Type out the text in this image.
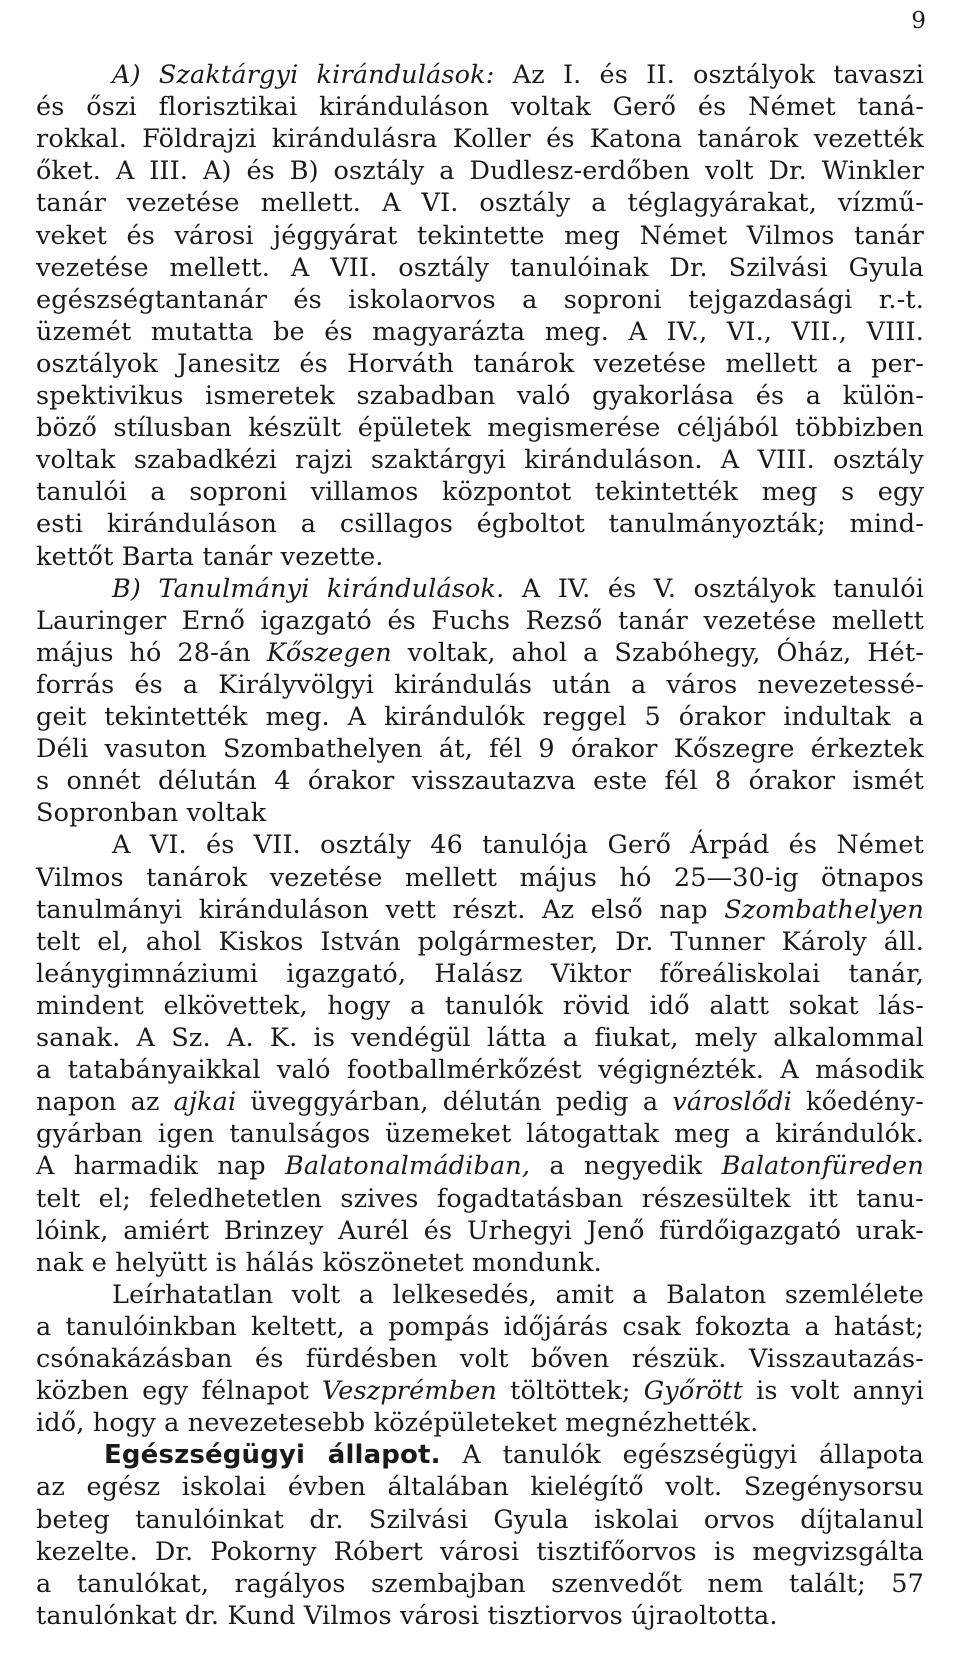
9
A) Szaktárgyi kirándulások: Az I. és II. osztályok tavaszi
és őszi florisztikai kiránduláson voltak Gerő és Német taná-
rokkal. Földrajzi kirándulásra Koller és Katona tanárok vezették
őket. A III. A) és B) osztály a Dudlesz-erdőben volt Dr. Winkler
tanár vezetése mellett. A VI. osztály a téglagyárakat, vízmű-
veket és városi jéggyárat tekintette meg Német Vilmos tanár
vezetése mellett. A VII. osztály tanulóinak Dr. Szilvási Gyula
egészségtantanár és iskolaorvos a soproni tejgazdasági r.-t.
üzemét mutatta be és magyarázta meg. A IV., VI., VII., VIII.
osztályok Janesitz és Horváth tanárok vezetése mellett a per-
spektivikus ismeretek szabadban való gyakorlása és a külön-
böző stílusban készült épületek megismerése céljából többizben
voltak szabadkézi rajzi szaktárgyi kiránduláson. A VIII. osztály
tanulói a soproni villamos központot tekintették meg s egy
esti kiránduláson a csillagos égboltot tanulmányozták; mind-
kettőt Barta tanár vezette.
B) Tanulmányi kirándulások. A IV. és V. osztályok tanulói
Lauringer Ernő igazgató és Fuchs Rezső tanár vezetése mellett
május hó 28-án Kőszegen voltak, ahol a Szabóhegy, Óház, Hét-
forrás és a Királyvölgyi kirándulás után a város nevezetessé-
geit tekintették meg. A kirándulók reggel 5 órakor indultak a
Déli vasuton Szombathelyen át, fél 9 órakor Kőszegre érkeztek
s onnét délután 4 órakor visszautazva este fél 8 órakor ismét
Sopronban voltak
A VI. és VII. osztály 46 tanulója Gerő Árpád és Német
Vilmos tanárok vezetése mellett május hó 25—30-ig ötnapos
tanulmányi kiránduláson vett részt. Az első nap Szombathelyen
telt el, ahol Kiskos István polgármester, Dr. Tunner Károly áll.
leánygimnáziumi igazgató, Halász Viktor főreáliskolai tanár,
mindent elkövettek, hogy a tanulók rövid idő alatt sokat lás-
sanak. A Sz. A. K. is vendégül látta a fiukat, mely alkalommal
a tatabányaikkal való footballmérkőzést végignézték. A második
napon az ajkai üveggyárban, délután pedig a városlődi kőedény-
gyárban igen tanulságos üzemeket látogattak meg a kirándulók.
A harmadik nap Balatonalmádiban, a negyedik Balatonfüreden
telt el; feledhetetlen szives fogadtatásban részesültek itt tanu-
lóink, amiért Brinzey Aurél és Urhegyi Jenő fürdőigazgató urak-
nak e helyütt is hálás köszönetet mondunk.
Leírhatatlan volt a lelkesedés, amit a Balaton szemlélete
a tanulóinkban keltett, a pompás időjárás csak fokozta a hatást;
csónakázásban és fürdésben volt bőven részük. Visszautazás-
közben egy félnapot Veszprémben töltöttek; Győrött is volt annyi
idő, hogy a nevezetesebb középületeket megnézhették.
Egészségügyi állapot. A tanulók egészségügyi állapota
az egész iskolai évben általában kielégítő volt. Szegénysorsu
beteg tanulóinkat dr. Szilvási Gyula iskolai orvos díjtalanul
kezelte. Dr. Pokorny Róbert városi tisztifőorvos is megvizsgálta
a tanulókat, ragályos szembajban szenvedőt nem talált; 57
tanulónkat dr. Kund Vilmos városi tisztiorvos újraoltotta.
